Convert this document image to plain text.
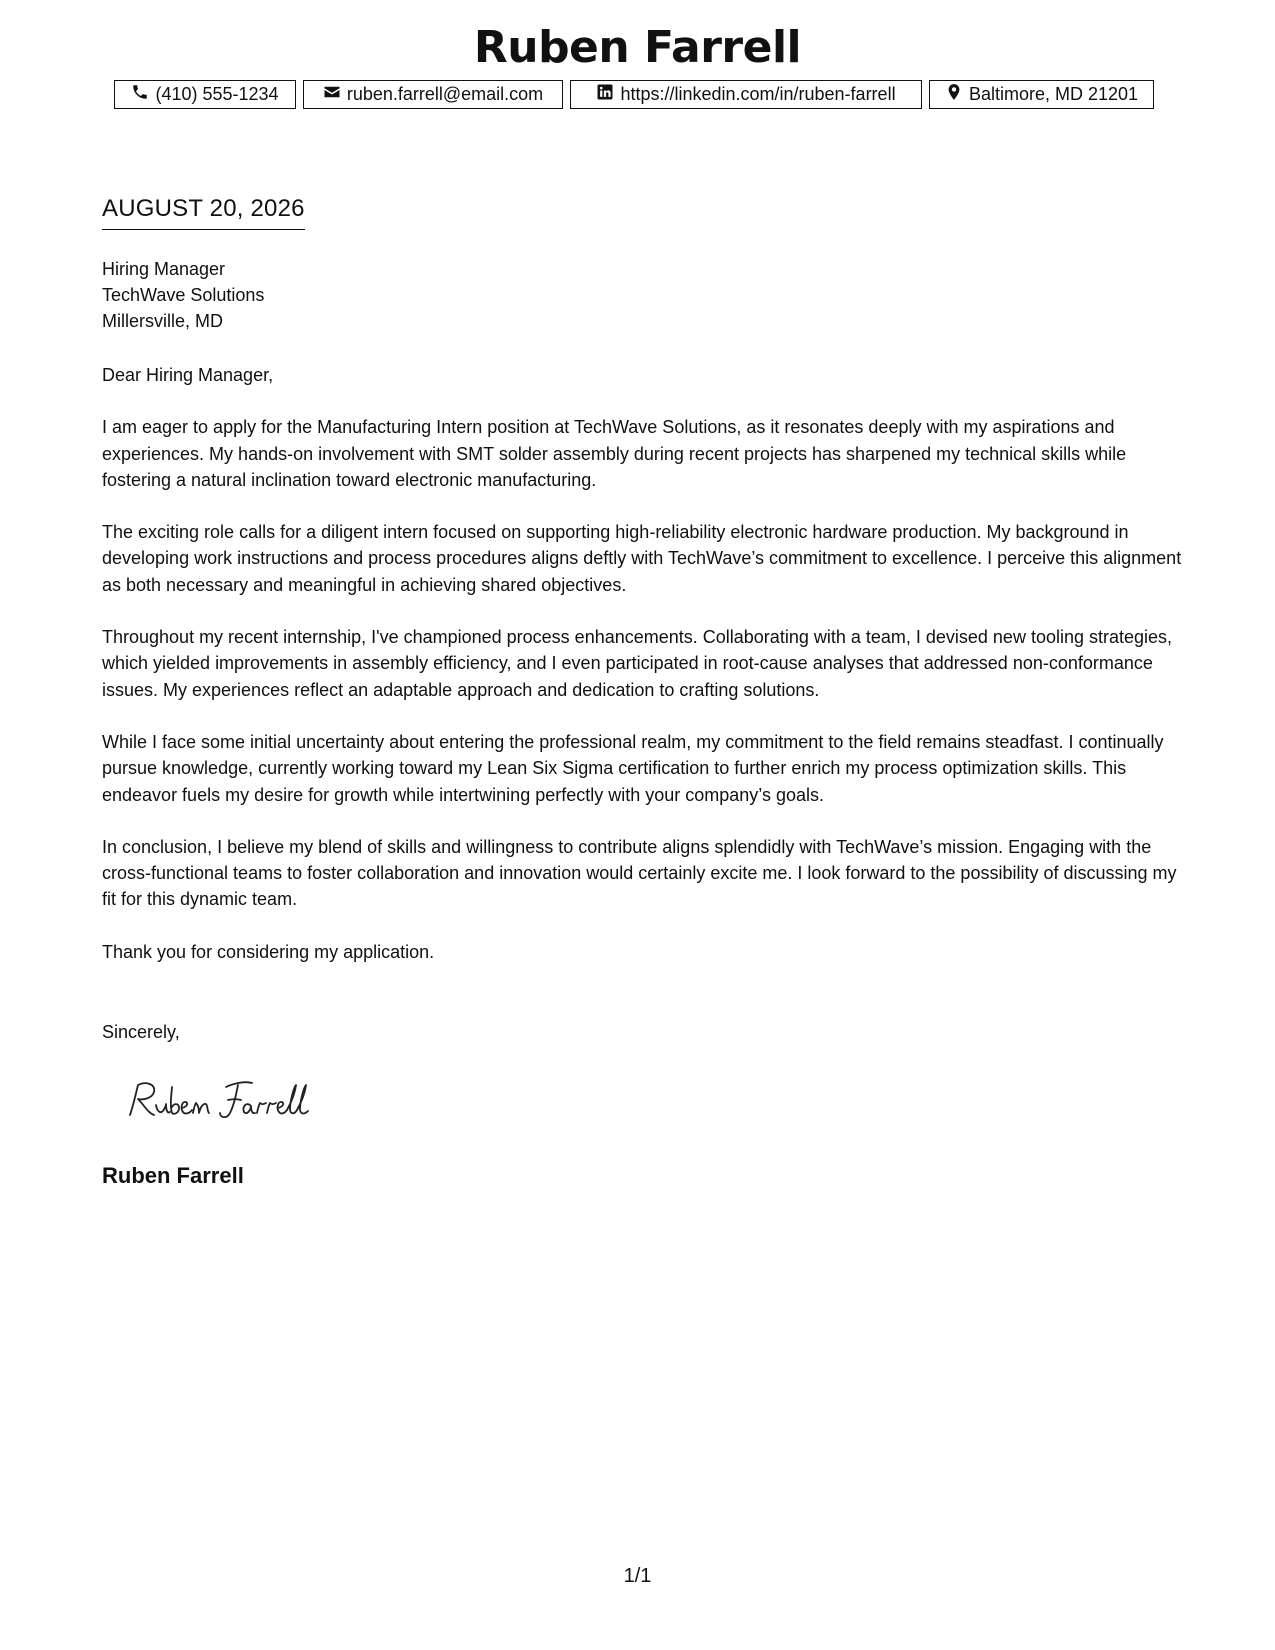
Ruben Farrell
(410) 555-1234	ruben.farrell@email.com	https://linkedin.com/in/ruben-farrell	Baltimore, MD 21201
AUGUST 20, 2026
Hiring Manager
TechWave Solutions
Millersville, MD

Dear Hiring Manager,

I am eager to apply for the Manufacturing Intern position at TechWave Solutions, as it resonates deeply with my aspirations and experiences. My hands-on involvement with SMT solder assembly during recent projects has sharpened my technical skills while fostering a natural inclination toward electronic manufacturing.

The exciting role calls for a diligent intern focused on supporting high-reliability electronic hardware production. My background in developing work instructions and process procedures aligns deftly with TechWave’s commitment to excellence. I perceive this alignment as both necessary and meaningful in achieving shared objectives.

Throughout my recent internship, I've championed process enhancements. Collaborating with a team, I devised new tooling strategies, which yielded improvements in assembly efficiency, and I even participated in root-cause analyses that addressed non-conformance issues. My experiences reflect an adaptable approach and dedication to crafting solutions.

While I face some initial uncertainty about entering the professional realm, my commitment to the field remains steadfast. I continually pursue knowledge, currently working toward my Lean Six Sigma certification to further enrich my process optimization skills. This endeavor fuels my desire for growth while intertwining perfectly with your company’s goals.

In conclusion, I believe my blend of skills and willingness to contribute aligns splendidly with TechWave’s mission. Engaging with the cross-functional teams to foster collaboration and innovation would certainly excite me. I look forward to the possibility of discussing my fit for this dynamic team.

Thank you for considering my application.

Sincerely,
Ruben Farrell
1/1
